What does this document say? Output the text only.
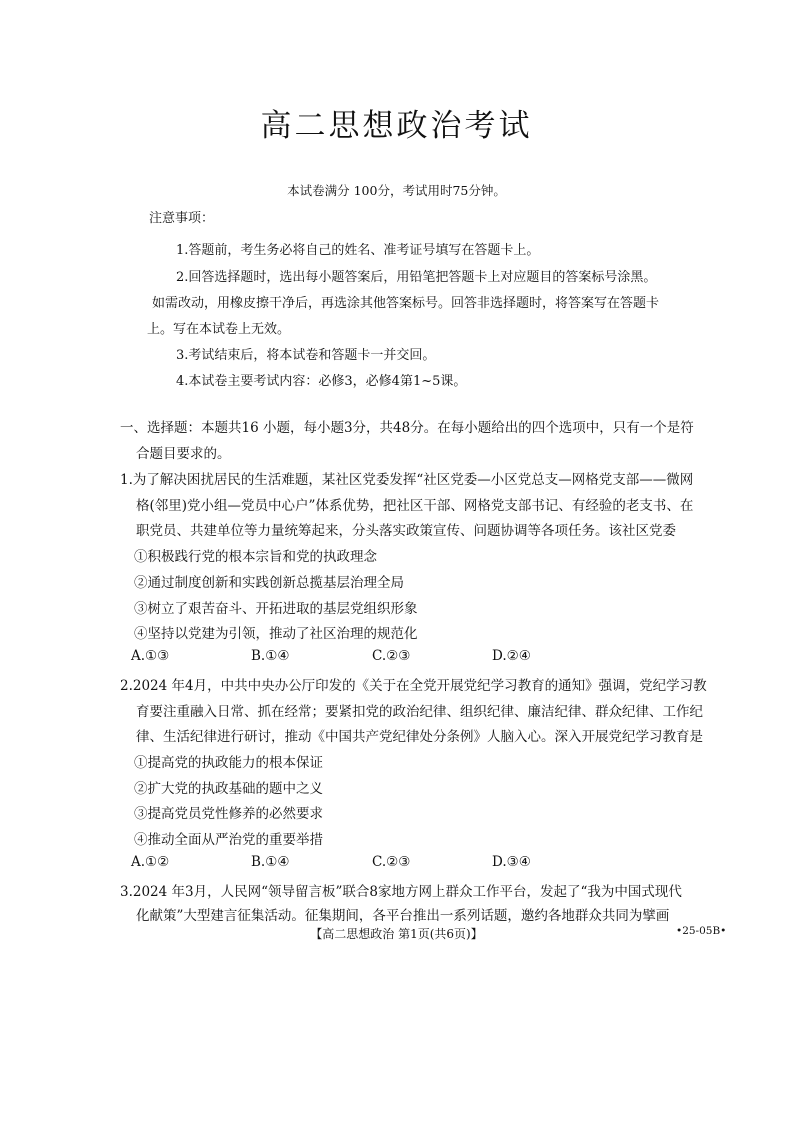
高二思想政治考试
本试卷满分 100分，考试用时75分钟。
注意事项：
1.答题前，考生务必将自己的姓名、准考证号填写在答题卡上。
2.回答选择题时，选出每小题答案后，用铅笔把答题卡上对应题目的答案标号涂黑。
如需改动，用橡皮擦干净后，再选涂其他答案标号。回答非选择题时，将答案写在答题卡
上。写在本试卷上无效。
3.考试结束后，将本试卷和答题卡一并交回。
4.本试卷主要考试内容：必修3，必修4第1~5课。
一、选择题：本题共16 小题，每小题3分，共48分。在每小题给出的四个选项中，只有一个是符
合题目要求的。
1.为了解决困扰居民的生活难题，某社区党委发挥“社区党委—小区党总支—网格党支部——微网
格(邻里)党小组—党员中心户”体系优势，把社区干部、网格党支部书记、有经验的老支书、在
职党员、共建单位等力量统筹起来，分头落实政策宣传、问题协调等各项任务。该社区党委
①积极践行党的根本宗旨和党的执政理念
②通过制度创新和实践创新总揽基层治理全局
③树立了艰苦奋斗、开拓进取的基层党组织形象
④坚持以党建为引领，推动了社区治理的规范化
A.①③	B.①④	C.②③	D.②④
2.2024 年4月，中共中央办公厅印发的《关于在全党开展党纪学习教育的通知》强调，党纪学习教
育要注重融入日常、抓在经常；要紧扣党的政治纪律、组织纪律、廉洁纪律、群众纪律、工作纪
律、生活纪律进行研讨，推动《中国共产党纪律处分条例》人脑入心。深入开展党纪学习教育是
①提高党的执政能力的根本保证
②扩大党的执政基础的题中之义
③提高党员党性修养的必然要求
④推动全面从严治党的重要举措
A.①②	B.①④	C.②③	D.③④
3.2024 年3月，人民网“领导留言板”联合8家地方网上群众工作平台，发起了“我为中国式现代
化献策”大型建言征集活动。征集期间，各平台推出一系列话题，邀约各地群众共同为擘画
【高二思想政治 第1页(共6页)】	•25-05B•
